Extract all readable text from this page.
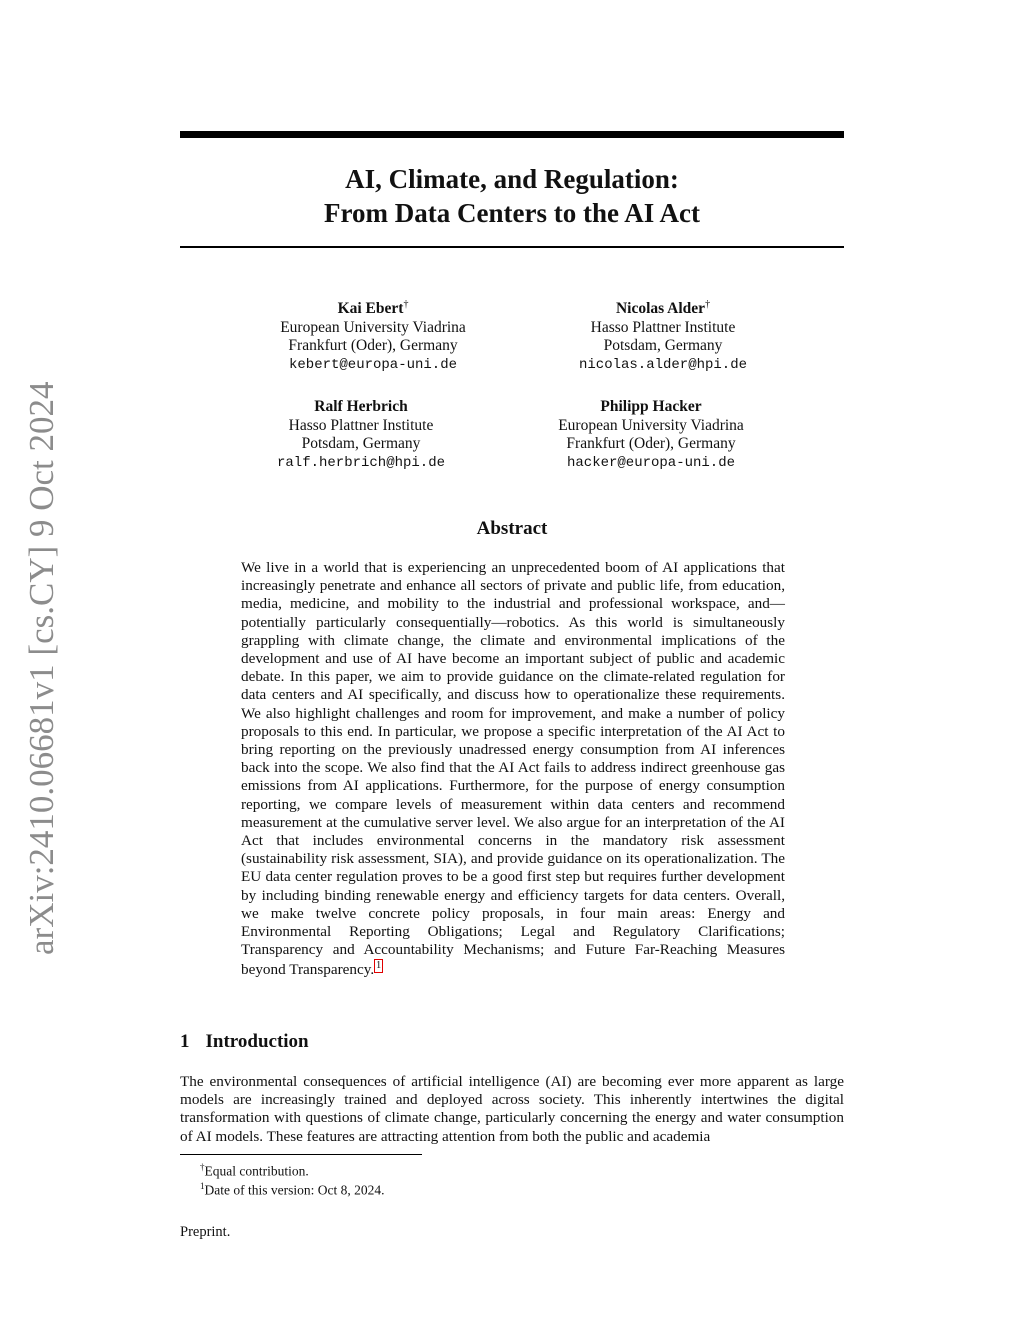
arXiv:2410.06681v1 [cs.CY] 9 Oct 2024
AI, Climate, and Regulation:
From Data Centers to the AI Act
Kai Ebert†
European University Viadrina
Frankfurt (Oder), Germany
kebert@europa-uni.de
Nicolas Alder†
Hasso Plattner Institute
Potsdam, Germany
nicolas.alder@hpi.de
Ralf Herbrich
Hasso Plattner Institute
Potsdam, Germany
ralf.herbrich@hpi.de
Philipp Hacker
European University Viadrina
Frankfurt (Oder), Germany
hacker@europa-uni.de
Abstract
We live in a world that is experiencing an unprecedented boom of AI applications that increasingly penetrate and enhance all sectors of private and public life, from education, media, medicine, and mobility to the industrial and professional workspace, and—potentially particularly consequentially—robotics. As this world is simultaneously grappling with climate change, the climate and environmental implications of the development and use of AI have become an important subject of public and academic debate. In this paper, we aim to provide guidance on the climate-related regulation for data centers and AI specifically, and discuss how to operationalize these requirements. We also highlight challenges and room for improvement, and make a number of policy proposals to this end. In particular, we propose a specific interpretation of the AI Act to bring reporting on the previously unadressed energy consumption from AI inferences back into the scope. We also find that the AI Act fails to address indirect greenhouse gas emissions from AI applications. Furthermore, for the purpose of energy consumption reporting, we compare levels of measurement within data centers and recommend measurement at the cumulative server level. We also argue for an interpretation of the AI Act that includes environmental concerns in the mandatory risk assessment (sustainability risk assessment, SIA), and provide guidance on its operationalization. The EU data center regulation proves to be a good first step but requires further development by including binding renewable energy and efficiency targets for data centers. Overall, we make twelve concrete policy proposals, in four main areas: Energy and Environmental Reporting Obligations; Legal and Regulatory Clarifications; Transparency and Accountability Mechanisms; and Future Far-Reaching Measures beyond Transparency. 1
1 Introduction
The environmental consequences of artificial intelligence (AI) are becoming ever more apparent as large models are increasingly trained and deployed across society. This inherently intertwines the digital transformation with questions of climate change, particularly concerning the energy and water consumption of AI models. These features are attracting attention from both the public and academia
†Equal contribution.
$^1$Date of this version: Oct 8, 2024.
Preprint.
